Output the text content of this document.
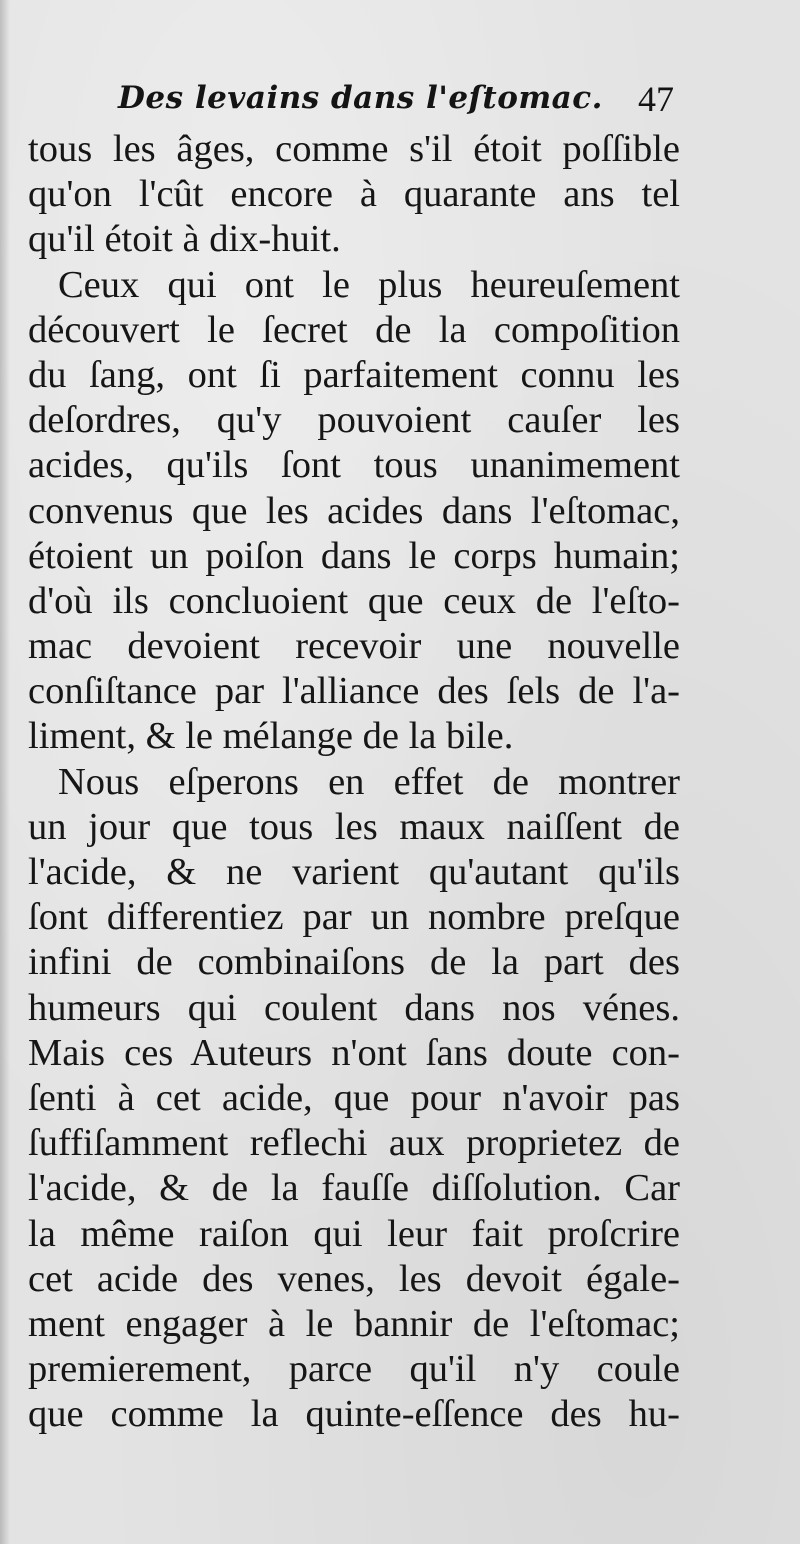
Des levains dans l'eſtomac. 47
tous les âges, comme s'il étoit poſſible
qu'on l'cût encore à quarante ans tel
qu'il étoit à dix-huit.
Ceux qui ont le plus heureuſement
découvert le ſecret de la compoſition
du ſang, ont ſi parfaitement connu les
deſordres, qu'y pouvoient cauſer les
acides, qu'ils ſont tous unanimement
convenus que les acides dans l'eſtomac,
étoient un poiſon dans le corps humain;
d'où ils concluoient que ceux de l'eſto-
mac devoient recevoir une nouvelle
conſiſtance par l'alliance des ſels de l'a-
liment, & le mélange de la bile.
Nous eſperons en effet de montrer
un jour que tous les maux naiſſent de
l'acide, & ne varient qu'autant qu'ils
ſont differentiez par un nombre preſque
infini de combinaiſons de la part des
humeurs qui coulent dans nos vénes.
Mais ces Auteurs n'ont ſans doute con-
ſenti à cet acide, que pour n'avoir pas
ſuffiſamment reflechi aux proprietez de
l'acide, & de la fauſſe diſſolution. Car
la même raiſon qui leur fait proſcrire
cet acide des venes, les devoit égale-
ment engager à le bannir de l'eſtomac;
premierement, parce qu'il n'y coule
que comme la quinte-eſſence des hu-
